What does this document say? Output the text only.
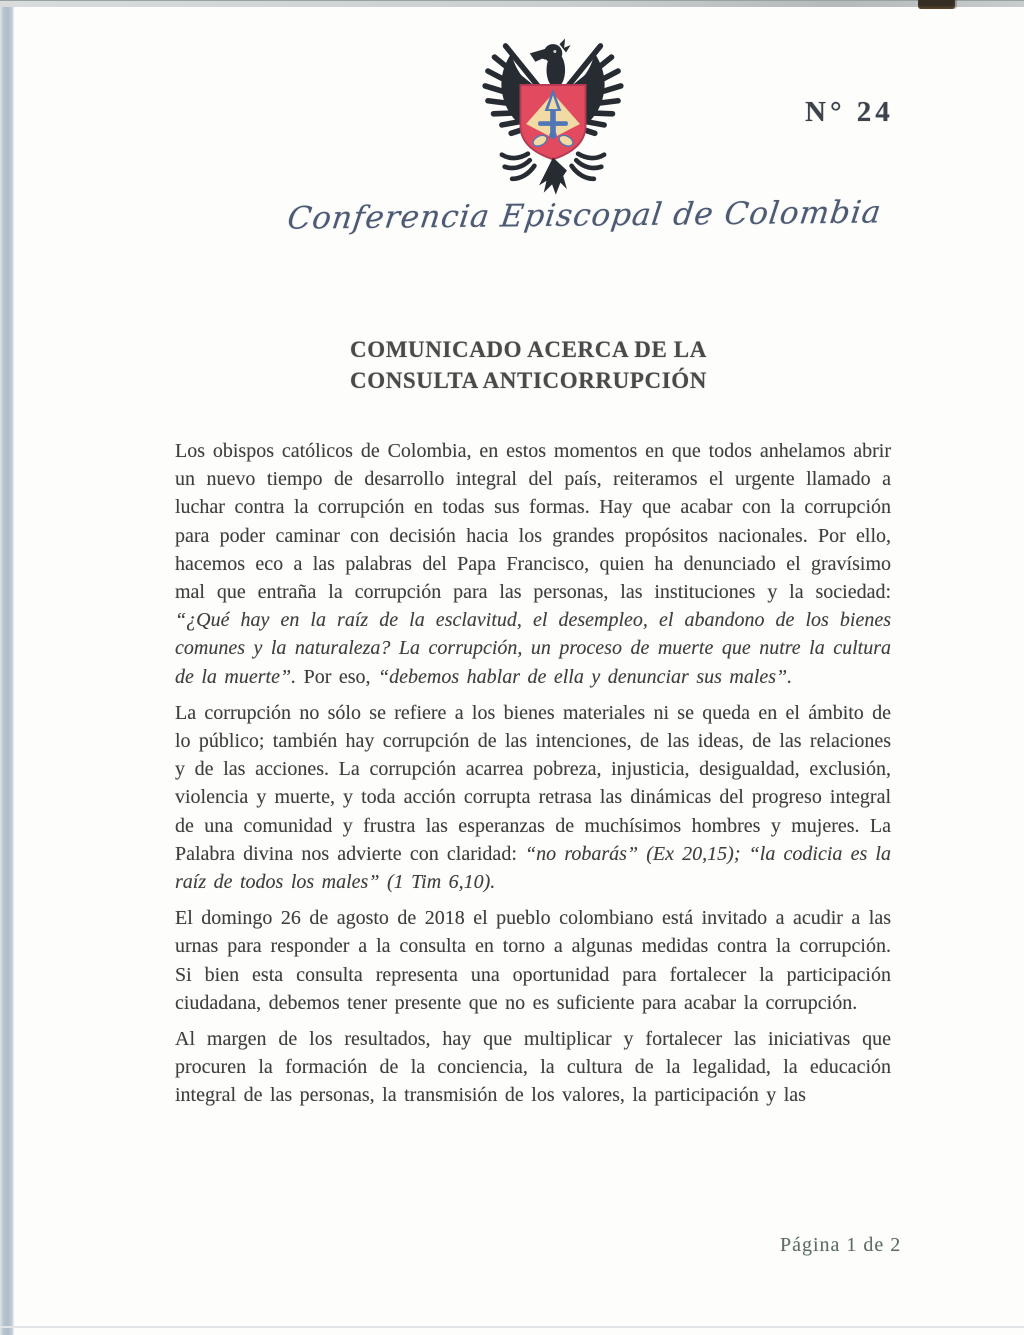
N° 24
Conferencia Episcopal de Colombia
COMUNICADO ACERCA DE LA
CONSULTA ANTICORRUPCIÓN

Los obispos católicos de Colombia, en estos momentos en que todos anhelamos abrir un nuevo tiempo de desarrollo integral del país, reiteramos el urgente llamado a luchar contra la corrupción en todas sus formas. Hay que acabar con la corrupción para poder caminar con decisión hacia los grandes propósitos nacionales. Por ello, hacemos eco a las palabras del Papa Francisco, quien ha denunciado el gravísimo mal que entraña la corrupción para las personas, las instituciones y la sociedad: “¿Qué hay en la raíz de la esclavitud, el desempleo, el abandono de los bienes comunes y la naturaleza? La corrupción, un proceso de muerte que nutre la cultura de la muerte”. Por eso, “debemos hablar de ella y denunciar sus males”.

La corrupción no sólo se refiere a los bienes materiales ni se queda en el ámbito de lo público; también hay corrupción de las intenciones, de las ideas, de las relaciones y de las acciones. La corrupción acarrea pobreza, injusticia, desigualdad, exclusión, violencia y muerte, y toda acción corrupta retrasa las dinámicas del progreso integral de una comunidad y frustra las esperanzas de muchísimos hombres y mujeres. La Palabra divina nos advierte con claridad: “no robarás” (Ex 20,15); “la codicia es la raíz de todos los males” (1 Tim 6,10).

El domingo 26 de agosto de 2018 el pueblo colombiano está invitado a acudir a las urnas para responder a la consulta en torno a algunas medidas contra la corrupción. Si bien esta consulta representa una oportunidad para fortalecer la participación ciudadana, debemos tener presente que no es suficiente para acabar la corrupción.

Al margen de los resultados, hay que multiplicar y fortalecer las iniciativas que procuren la formación de la conciencia, la cultura de la legalidad, la educación integral de las personas, la transmisión de los valores, la participación y las

Página 1 de 2
